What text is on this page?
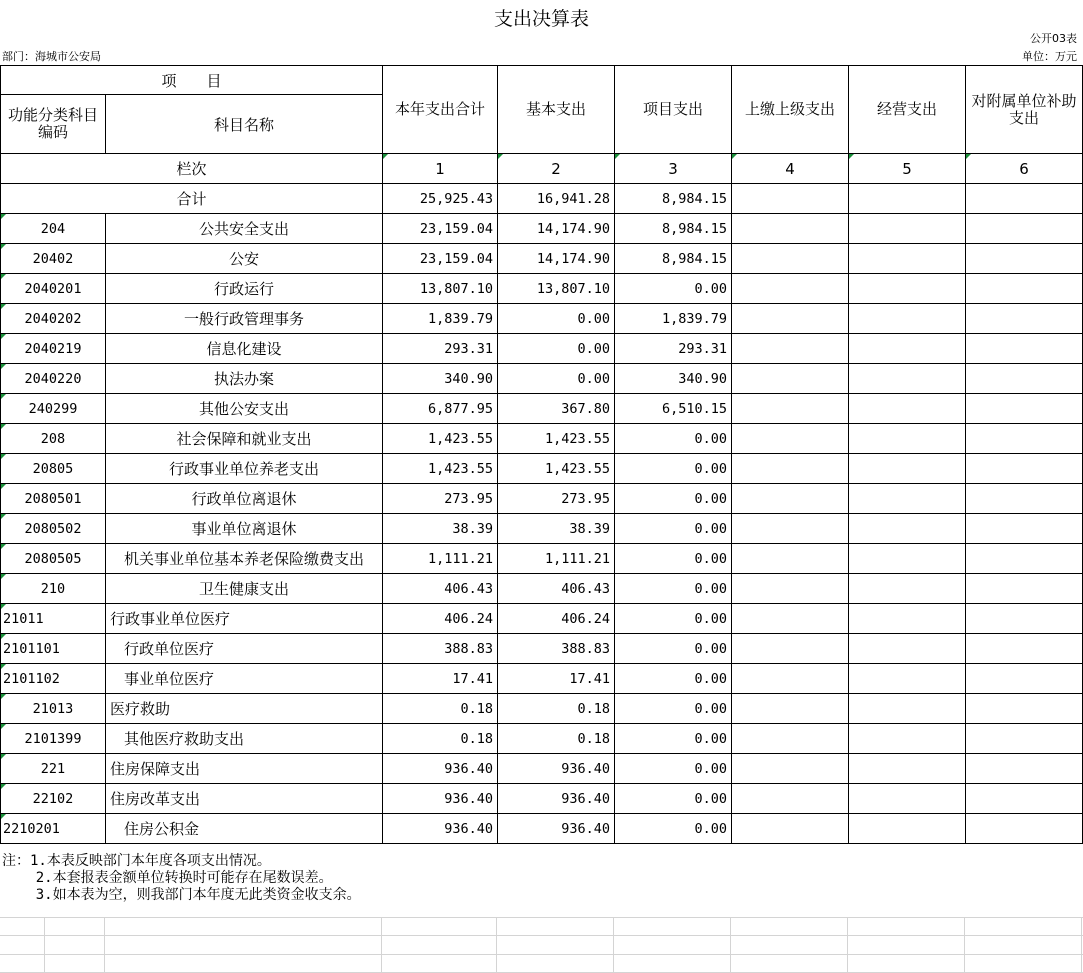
支出决算表
公开03表
部门：海城市公安局	单位：万元
项　　目		本年支出合计	基本支出	项目支出	上缴上级支出	经营支出	对附属单位补助支出
功能分类科目编码	科目名称						
栏次		1	2	3	4	5	6
合计		25,925.43	16,941.28	8,984.15			
204	公共安全支出	23,159.04	14,174.90	8,984.15			
20402	公安	23,159.04	14,174.90	8,984.15			
2040201	行政运行	13,807.10	13,807.10	0.00			
2040202	一般行政管理事务	1,839.79	0.00	1,839.79			
2040219	信息化建设	293.31	0.00	293.31			
2040220	执法办案	340.90	0.00	340.90			
240299	其他公安支出	6,877.95	367.80	6,510.15			
208	社会保障和就业支出	1,423.55	1,423.55	0.00			
20805	行政事业单位养老支出	1,423.55	1,423.55	0.00			
2080501	行政单位离退休	273.95	273.95	0.00			
2080502	事业单位离退休	38.39	38.39	0.00			
2080505	机关事业单位基本养老保险缴费支出	1,111.21	1,111.21	0.00			
210	卫生健康支出	406.43	406.43	0.00			
21011	行政事业单位医疗	406.24	406.24	0.00			
2101101	行政单位医疗	388.83	388.83	0.00			
2101102	事业单位医疗	17.41	17.41	0.00			
21013	医疗救助	0.18	0.18	0.00			
2101399	其他医疗救助支出	0.18	0.18	0.00			
221	住房保障支出	936.40	936.40	0.00			
22102	住房改革支出	936.40	936.40	0.00			
2210201	住房公积金	936.40	936.40	0.00			
注：1.本表反映部门本年度各项支出情况。
2.本套报表金额单位转换时可能存在尾数误差。
3.如本表为空，则我部门本年度无此类资金收支余。
